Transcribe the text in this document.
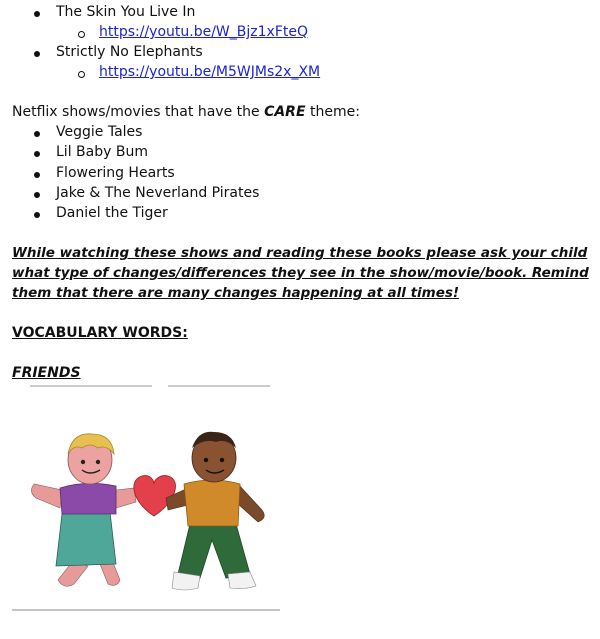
The Skin You Live In
https://youtu.be/W_Bjz1xFteQ
Strictly No Elephants
https://youtu.be/M5WJMs2x_XM
Netflix shows/movies that have the CARE theme:
Veggie Tales
Lil Baby Bum
Flowering Hearts
Jake & The Neverland Pirates
Daniel the Tiger
While watching these shows and reading these books please ask your child
what type of changes/differences they see in the show/movie/book. Remind
them that there are many changes happening at all times!
VOCABULARY WORDS:
FRIENDS
